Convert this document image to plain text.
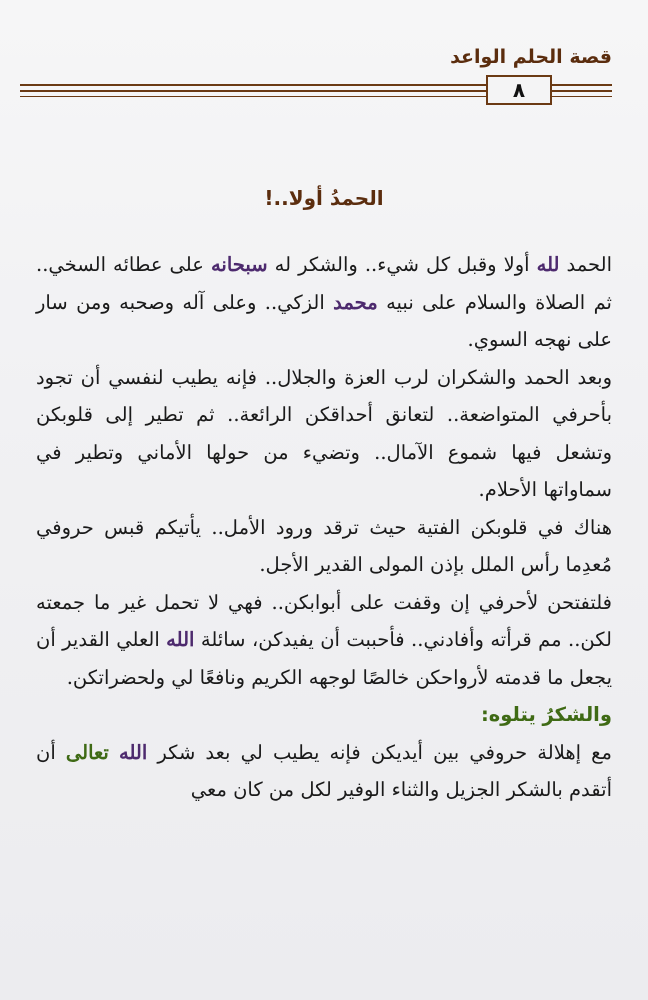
قصة الحلم الواعد
٨
الحمدُ أولا..!

الحمد لله أولا وقبل كل شيء.. والشكر له سبحانه على عطائه السخي.. ثم الصلاة والسلام على نبيه محمد الزكي.. وعلى آله وصحبه ومن سار على نهجه السوي.

وبعد الحمد والشكران لرب العزة والجلال.. فإنه يطيب لنفسي أن تجود بأحرفي المتواضعة.. لتعانق أحداقكن الرائعة.. ثم تطير إلى قلوبكن وتشعل فيها شموع الآمال.. وتضيء من حولها الأماني وتطير في سماواتها الأحلام.

هناك في قلوبكن الفتية حيث ترقد ورود الأمل.. يأتيكم قبس حروفي مُعدِما رأس الملل بإذن المولى القدير الأجل.

فلتفتحن لأحرفي إن وقفت على أبوابكن.. فهي لا تحمل غير ما جمعته لكن.. مم قرأته وأفادني.. فأحببت أن يفيدكن، سائلة الله العلي القدير أن يجعل ما قدمته لأرواحكن خالصًا لوجهه الكريم ونافعًا لي ولحضراتكن.

والشكرُ يتلوه:

مع إهلالة حروفي بين أيديكن فإنه يطيب لي بعد شكر الله تعالى أن أتقدم بالشكر الجزيل والثناء الوفير لكل من كان معي
